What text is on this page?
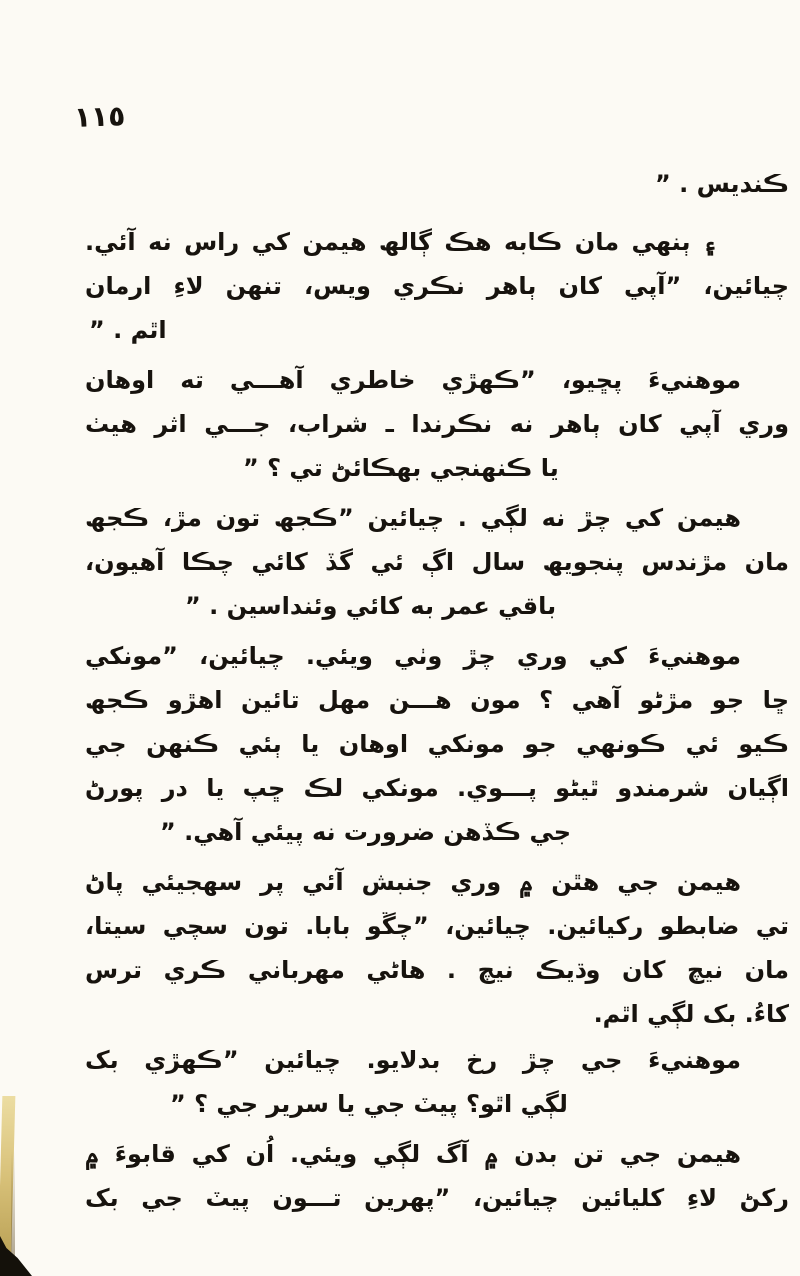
١١٥
ڪنديس . ”
۽ ٻنهي مان ڪابه هڪ ڳالھ هيمن کي راس نه آئي.
چيائين، ”آپي کان ٻاهر نڪري ويس، تنهن لاءِ ارمان
اٿم . ”
موهنيءَ پڇيو، ”ڪهڙي خاطري آهـــي ته اوهان
وري آپي کان ٻاهر نه نڪرندا ـ شراب، جـــي اثر هيٺ
يا ڪنهنجي بهڪائڻ تي ؟ ”
هيمن کي چڙ نه لڳي . چيائين ”ڪجھ تون مڙ، ڪجھ
مان مڙندس پنجويھ سال اڳ ئي گڏ کائي چڪا آهيون،
باقي عمر به کائي وئنداسين . ”
موهنيءَ کي وري چڙ وٺي ويئي. چيائين، ”مونکي
ڇا جو مڙڻو آهي ؟ مون هـــن مهل تائين اهڙو ڪجھ
ڪيو ئي ڪونهي جو مونکي اوهان يا ٻئي ڪنهن جي
اڳيان شرمندو ٿيڻو پـــوي. مونکي لڪ ڇپ يا در پورڻ
جي ڪڏهن ضرورت نه پيئي آهي. ”
هيمن جي هٿن ۾ وري جنبش آئي پر سهجيئي پاڻ
تي ضابطو رکيائين. چيائين، ”چڱو بابا. تون سچي سيتا،
مان نيچ کان وڌيڪ نيچ . هاڻي مهرباني ڪري ترس
کاءُ. بک لڳي اٿم.
موهنيءَ جي چڙ رخ بدلايو. چيائين ”ڪهڙي بک
لڳي اٿو؟ پيٽ جي يا سرير جي ؟ ”
هيمن جي تن بدن ۾ آگ لڳي ويئي. اُن کي قابوءَ ۾
رکڻ لاءِ کليائين چيائين، ”پهرين تـــون پيٽ جي بک
